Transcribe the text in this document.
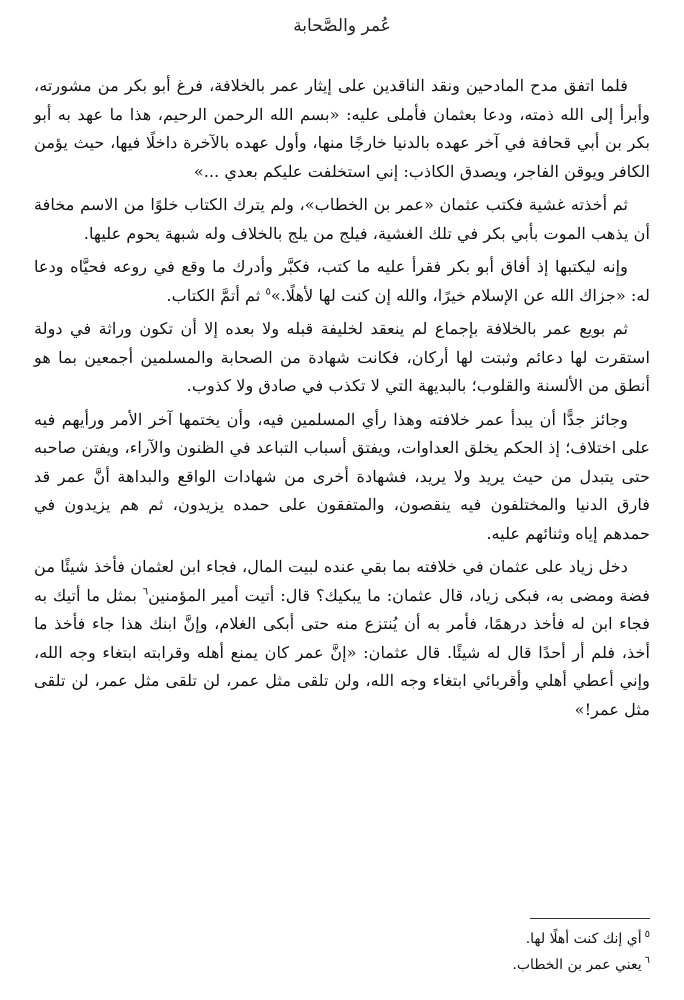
عُمر والصَّحابة

فلما اتفق مدح المادحين ونقد الناقدين على إيثار عمر بالخلافة، فرغ أبو بكر من مشورته، وأبرأ إلى الله ذمته، ودعا بعثمان فأملى عليه: «بسم الله الرحمن الرحيم، هذا ما عهد به أبو بكر بن أبي قحافة في آخر عهده بالدنيا خارجًا منها، وأول عهده بالآخرة داخلًا فيها، حيث يؤمن الكافر ويوقن الفاجر، ويصدق الكاذب: إني استخلفت عليكم بعدي ...»

ثم أخذته غشية فكتب عثمان «عمر بن الخطاب»، ولم يترك الكتاب خلوًا من الاسم مخافة أن يذهب الموت بأبي بكر في تلك الغشية، فيلج من يلج بالخلاف وله شبهة يحوم عليها.

وإنه ليكتبها إذ أفاق أبو بكر فقرأ عليه ما كتب، فكبَّر وأدرك ما وقع في روعه فحيَّاه ودعا له: «جزاك الله عن الإسلام خيرًا، والله إن كنت لها لأهلًا.»$^٥$ ثم أتمَّ الكتاب.

ثم بويع عمر بالخلافة بإجماع لم ينعقد لخليفة قبله ولا بعده إلا أن تكون وراثة في دولة استقرت لها دعائم وثبتت لها أركان، فكانت شهادة من الصحابة والمسلمين أجمعين بما هو أنطق من الألسنة والقلوب؛ بالبديهة التي لا تكذب في صادق ولا كذوب.

وجائز جدًّا أن يبدأ عمر خلافته وهذا رأي المسلمين فيه، وأن يختمها آخر الأمر ورأيهم فيه على اختلاف؛ إذ الحكم يخلق العداوات، ويفتق أسباب التباعد في الظنون والآراء، ويفتن صاحبه حتى يتبدل من حيث يريد ولا يريد، فشهادة أخرى من شهادات الواقع والبداهة أنَّ عمر قد فارق الدنيا والمختلفون فيه ينقصون، والمتفقون على حمده يزيدون، ثم هم يزيدون في حمدهم إياه وثنائهم عليه.

دخل زياد على عثمان في خلافته بما بقي عنده لبيت المال، فجاء ابن لعثمان فأخذ شيئًا من فضة ومضى به، فبكى زياد، قال عثمان: ما يبكيك؟ قال: أتيت أمير المؤمنين$^٦$ بمثل ما أتيك به فجاء ابن له فأخذ درهمًا، فأمر به أن يُنتزع منه حتى أبكى الغلام، وإنَّ ابنك هذا جاء فأخذ ما أخذ، فلم أر أحدًا قال له شيئًا. قال عثمان: «إنَّ عمر كان يمنع أهله وقرابته ابتغاء وجه الله، وإني أعطي أهلي وأقربائي ابتغاء وجه الله، ولن تلقى مثل عمر، لن تلقى مثل عمر، لن تلقى مثل عمر!»

$^٥$أي إنك كنت أهلًا لها.

$^٦$يعني عمر بن الخطاب.
